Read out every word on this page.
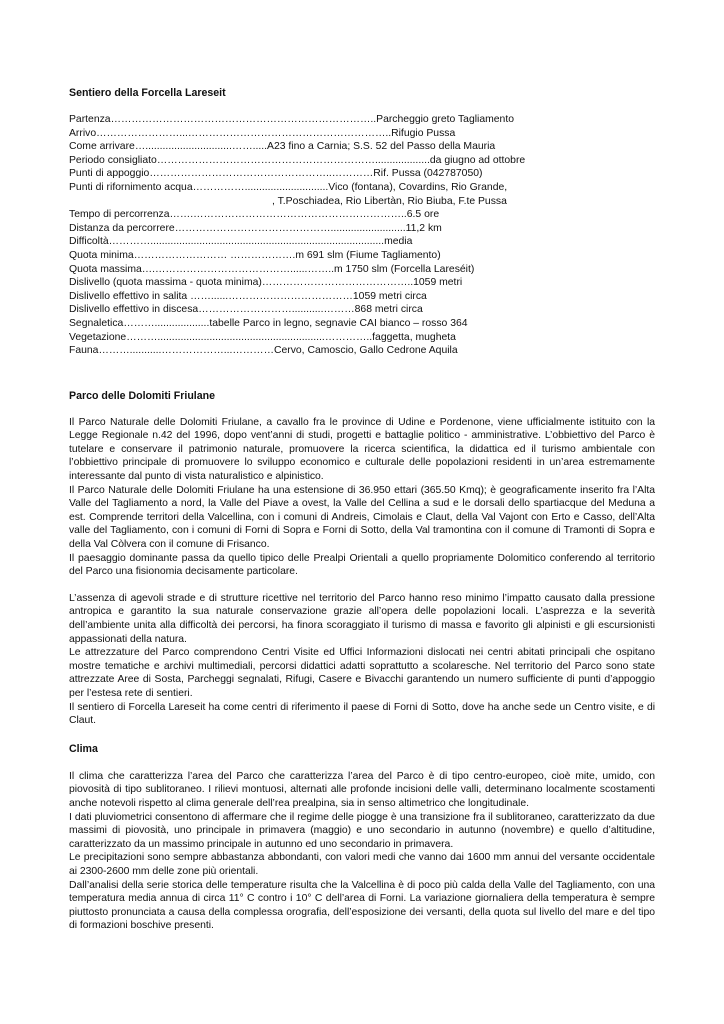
Sentiero della Forcella Lareseit
Partenza…………………………………………………………………..Parcheggio greto Tagliamento
Arrivo……………………...…………………………………………………..Rifugio Pussa
Come arrivare…..............................…….....A23 fino a Carnia; S.S. 52 del Passo della Mauria
Periodo consigliato………………………………………………………...................da giugno ad ottobre
Punti di appoggio……………………………………………..…………Rif. Pussa (042787050)
Punti di rifornimento acqua…………….............................Vico (fontana), Covardins, Rio Grande,
, T.Poschiadea, Rio Libertàn, Rio Biuba, F.te Pussa
Tempo di percorrenza…….……………………………………………………..6.5 ore
Distanza da percorrere………………………………………..........................11,2 km
Difficoltà………….................................................................................media
Quota minima……………………… ……………….m 691 slm (Fiume Tagliamento)
Quota massima….…………………………………......……..m 1750 slm (Forcella Lareséit)
Dislivello (quota massima - quota minima)……………………………………..1059 metri
Dislivello effettivo in salita ……......………………………………1059 metri circa
Dislivello effettivo in discesa………………………...........………868 metri circa
Segnaletica………...................tabelle Parco in legno, segnavie CAI bianco – rosso 364
Vegetazione………..........................................................…………..faggetta, mugheta
Fauna………...........………………...…………Cervo, Camoscio, Gallo Cedrone Aquila
Parco delle Dolomiti Friulane

Il Parco Naturale delle Dolomiti Friulane, a cavallo fra le province di Udine e Pordenone, viene ufficialmente istituito con la Legge Regionale n.42 del 1996, dopo vent’anni di studi, progetti e battaglie politico - amministrative. L’obbiettivo del Parco è tutelare e conservare il patrimonio naturale, promuovere la ricerca scientifica, la didattica ed il turismo ambientale con l’obbiettivo principale di promuovere lo sviluppo economico e culturale delle popolazioni residenti in un’area estremamente interessante dal punto di vista naturalistico e alpinistico.

Il Parco Naturale delle Dolomiti Friulane ha una estensione di 36.950 ettari (365.50 Kmq); è geograficamente inserito fra l’Alta Valle del Tagliamento a nord, la Valle del Piave a ovest, la Valle del Cellina a sud e le dorsali dello spartiacque del Meduna a est. Comprende territori della Valcellina, con i comuni di Andreis, Cimolais e Claut, della Val Vajont con Erto e Casso, dell’Alta valle del Tagliamento, con i comuni di Forni di Sopra e Forni di Sotto, della Val tramontina con il comune di Tramonti di Sopra e della Val Còlvera con il comune di Frisanco.

Il paesaggio dominante passa da quello tipico delle Prealpi Orientali a quello propriamente Dolomitico conferendo al territorio del Parco una fisionomia decisamente particolare.

L’assenza di agevoli strade e di strutture ricettive nel territorio del Parco hanno reso minimo l’impatto causato dalla pressione antropica e garantito la sua naturale conservazione grazie all’opera delle popolazioni locali. L’asprezza e la severità dell’ambiente unita alla difficoltà dei percorsi, ha finora scoraggiato il turismo di massa e favorito gli alpinisti e gli escursionisti appassionati della natura.

Le attrezzature del Parco comprendono Centri Visite ed Uffici Informazioni dislocati nei centri abitati principali che ospitano mostre tematiche e archivi multimediali, percorsi didattici adatti soprattutto a scolaresche. Nel territorio del Parco sono state attrezzate Aree di Sosta, Parcheggi segnalati, Rifugi, Casere e Bivacchi garantendo un numero sufficiente di punti d’appoggio per l’estesa rete di sentieri.

Il sentiero di Forcella Lareseit ha come centri di riferimento il paese di Forni di Sotto, dove ha anche sede un Centro visite, e di Claut.

Clima

Il clima che caratterizza l’area del Parco che caratterizza l’area del Parco è di tipo centro-europeo, cioè mite, umido, con piovosità di tipo sublitoraneo. I rilievi montuosi, alternati alle profonde incisioni delle valli, determinano localmente scostamenti anche notevoli rispetto al clima generale dell’rea prealpina, sia in senso altimetrico che longitudinale.

I dati pluviometrici consentono di affermare che il regime delle piogge è una transizione fra il sublitoraneo, caratterizzato da due massimi di piovosità, uno principale in primavera (maggio) e uno secondario in autunno (novembre) e quello d’altitudine, caratterizzato da un massimo principale in autunno ed uno secondario in primavera.

Le precipitazioni sono sempre abbastanza abbondanti, con valori medi che vanno dai 1600 mm annui del versante occidentale ai 2300-2600 mm delle zone più orientali.

Dall’analisi della serie storica delle temperature risulta che la Valcellina è di poco più calda della Valle del Tagliamento, con una temperatura media annua di circa 11° C contro i 10° C dell’area di Forni. La variazione giornaliera della temperatura è sempre piuttosto pronunciata a causa della complessa orografia, dell’esposizione dei versanti, della quota sul livello del mare e del tipo di formazioni boschive presenti.
